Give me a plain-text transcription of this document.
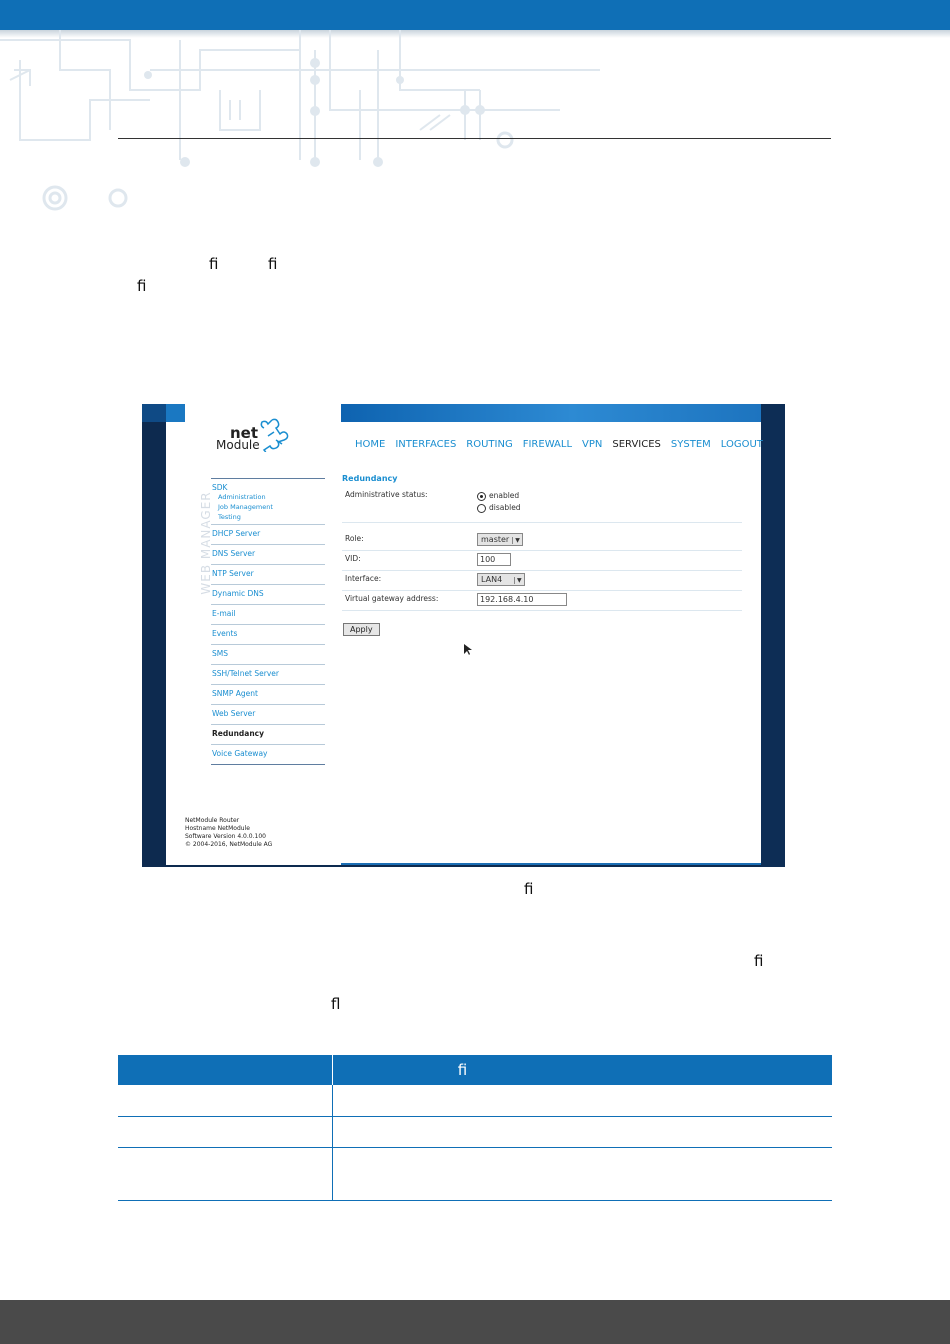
ﬁ	ﬁ
ﬁ
net
Module	HOME INTERFACES ROUTING FIREWALL VPN SERVICES SYSTEM LOGOUT
WEB MANAGER
SDK
Administration
Job Management
Testing
DHCP Server
DNS Server
NTP Server
Dynamic DNS
E-mail
Events
SMS
SSH/Telnet Server
SNMP Agent
Web Server
Redundancy
Voice Gateway
Redundancy
Administrative status:	enabled
disabled
Role:	master ▼
VID:	100
Interface:	LAN4 ▼
Virtual gateway address:	192.168.4.10
Apply
NetModule Router
Hostname NetModule
Software Version 4.0.0.100
© 2004-2016, NetModule AG
ﬁ
ﬁ
ﬂ
ﬁ
